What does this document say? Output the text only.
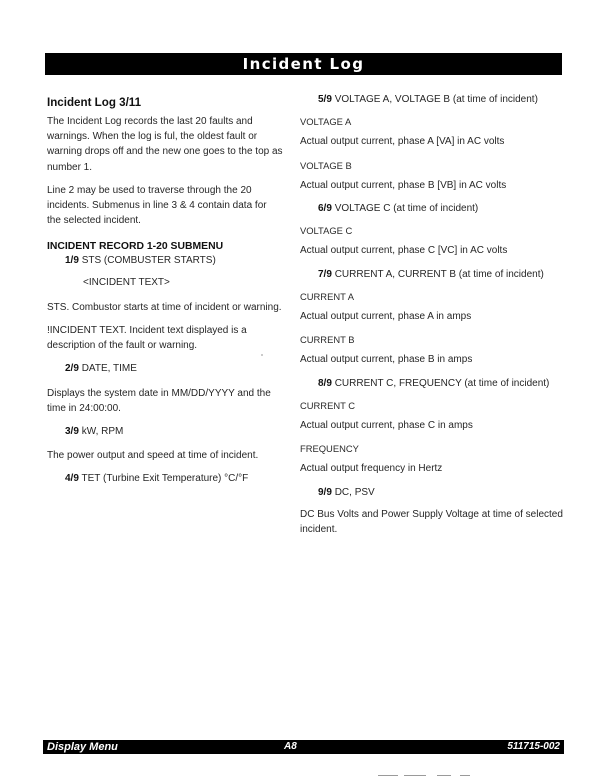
Incident Log

Incident Log 3/11

The Incident Log records the last 20 faults and warnings. When the log is ful, the oldest fault or warning drops off and the new one goes to the top as number 1.

Line 2 may be used to traverse through the 20 incidents. Submenus in line 3 & 4 contain data for the selected incident.

INCIDENT RECORD 1-20 SUBMENU

1/9 STS (COMBUSTER STARTS)

<INCIDENT TEXT>

STS. Combustor starts at time of incident or warning.

!INCIDENT TEXT. Incident text displayed is a description of the fault or warning.

2/9 DATE, TIME

Displays the system date in MM/DD/YYYY and the time in 24:00:00.

3/9 kW, RPM

The power output and speed at time of incident.

4/9 TET (Turbine Exit Temperature) °C/°F

5/9 VOLTAGE A, VOLTAGE B (at time of incident)

VOLTAGE A

Actual output current, phase A [VA] in AC volts

VOLTAGE B

Actual output current, phase B [VB] in AC volts

6/9 VOLTAGE C (at time of incident)

VOLTAGE C

Actual output current, phase C [VC] in AC volts

7/9 CURRENT A, CURRENT B (at time of incident)

CURRENT A

Actual output current, phase A in amps

CURRENT B

Actual output current, phase B in amps

8/9 CURRENT C, FREQUENCY (at time of incident)

CURRENT C

Actual output current, phase C in amps

FREQUENCY

Actual output frequency in Hertz

9/9 DC, PSV

DC Bus Volts and Power Supply Voltage at time of selected incident.

Display Menu	A8	511715-002
